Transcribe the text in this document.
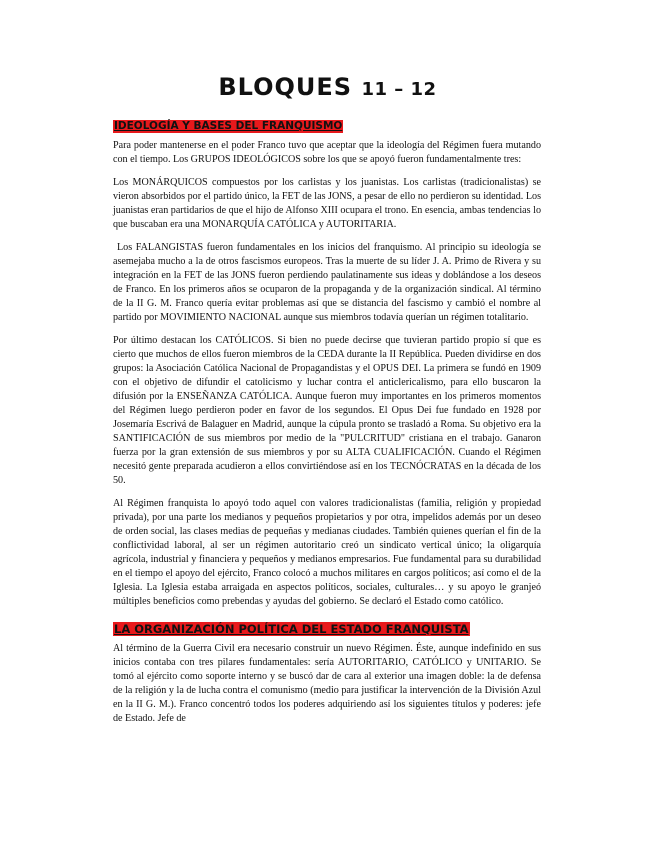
BLOQUES 11 – 12
IDEOLOGÍA Y BASES DEL FRANQUISMO

Para poder mantenerse en el poder Franco tuvo que aceptar que la ideología del Régimen fuera mutando con el tiempo. Los GRUPOS IDEOLÓGICOS sobre los que se apoyó fueron fundamentalmente tres:

Los MONÁRQUICOS compuestos por los carlistas y los juanistas. Los carlistas (tradicionalistas) se vieron absorbidos por el partido único, la FET de las JONS, a pesar de ello no perdieron su identidad. Los juanistas eran partidarios de que el hijo de Alfonso XIII ocupara el trono. En esencia, ambas tendencias lo que buscaban era una MONARQUÍA CATÓLICA y AUTORITARIA.

Los FALANGISTAS fueron fundamentales en los inicios del franquismo. Al principio su ideología se asemejaba mucho a la de otros fascismos europeos. Tras la muerte de su líder J. A. Primo de Rivera y su integración en la FET de las JONS fueron perdiendo paulatinamente sus ideas y doblándose a los deseos de Franco. En los primeros años se ocuparon de la propaganda y de la organización sindical. Al término de la II G. M. Franco quería evitar problemas así que se distancia del fascismo y cambió el nombre al partido por MOVIMIENTO NACIONAL aunque sus miembros todavía querían un régimen totalitario.

Por último destacan los CATÓLICOS. Si bien no puede decirse que tuvieran partido propio sí que es cierto que muchos de ellos fueron miembros de la CEDA durante la II República. Pueden dividirse en dos grupos: la Asociación Católica Nacional de Propagandistas y el OPUS DEI. La primera se fundó en 1909 con el objetivo de difundir el catolicismo y luchar contra el anticlericalismo, para ello buscaron la difusión por la ENSEÑANZA CATÓLICA. Aunque fueron muy importantes en los primeros momentos del Régimen luego perdieron poder en favor de los segundos. El Opus Dei fue fundado en 1928 por Josemaría Escrivá de Balaguer en Madrid, aunque la cúpula pronto se trasladó a Roma. Su objetivo era la SANTIFICACIÓN de sus miembros por medio de la "PULCRITUD" cristiana en el trabajo. Ganaron fuerza por la gran extensión de sus miembros y por su ALTA CUALIFICACIÓN. Cuando el Régimen necesitó gente preparada acudieron a ellos convirtiéndose así en los TECNÓCRATAS en la década de los 50.

Al Régimen franquista lo apoyó todo aquel con valores tradicionalistas (familia, religión y propiedad privada), por una parte los medianos y pequeños propietarios y por otra, impelidos además por un deseo de orden social, las clases medias de pequeñas y medianas ciudades. También quienes querían el fin de la conflictividad laboral, al ser un régimen autoritario creó un sindicato vertical único; la oligarquía agrícola, industrial y financiera y pequeños y medianos empresarios. Fue fundamental para su durabilidad en el tiempo el apoyo del ejército, Franco colocó a muchos militares en cargos políticos; así como el de la Iglesia. La Iglesia estaba arraigada en aspectos políticos, sociales, culturales… y su apoyo le granjeó múltiples beneficios como prebendas y ayudas del gobierno. Se declaró el Estado como católico.

LA ORGANIZACIÓN POLÍTICA DEL ESTADO FRANQUISTA

Al término de la Guerra Civil era necesario construir un nuevo Régimen. Éste, aunque indefinido en sus inicios contaba con tres pilares fundamentales: sería AUTORITARIO, CATÓLICO y UNITARIO. Se tomó al ejército como soporte interno y se buscó dar de cara al exterior una imagen doble: la de defensa de la religión y la de lucha contra el comunismo (medio para justificar la intervención de la División Azul en la II G. M.). Franco concentró todos los poderes adquiriendo así los siguientes títulos y poderes: jefe de Estado. Jefe de
